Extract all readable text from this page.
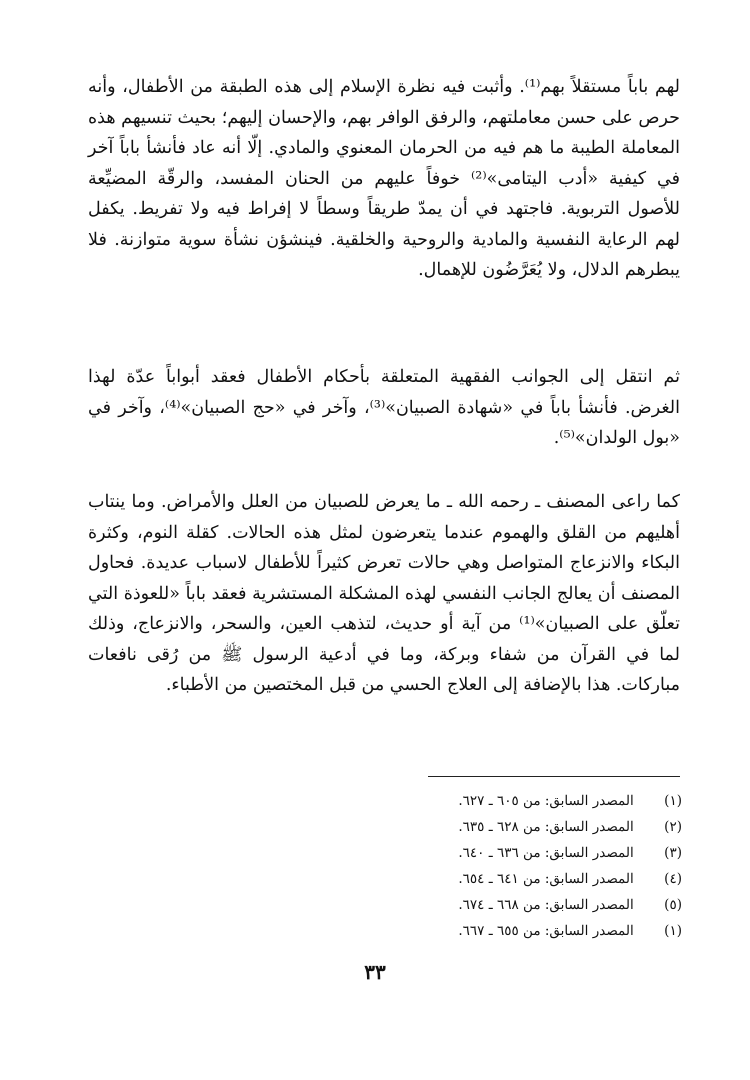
لهم باباً مستقلاً بهم⁽¹⁾. وأثبت فيه نظرة الإسلام إلى هذه الطبقة من الأطفال، وأنه حرص على حسن معاملتهم، والرفق الوافر بهم، والإحسان إليهم؛ بحيث تنسيهم هذه المعاملة الطيبة ما هم فيه من الحرمان المعنوي والمادي. إلّا أنه عاد فأنشأ باباً آخر في كيفية «أدب اليتامى»⁽²⁾ خوفاً عليهم من الحنان المفسد، والرقّة المضيِّعة للأصول التربوية. فاجتهد في أن يمدّ طريقاً وسطاً لا إفراط فيه ولا تفريط. يكفل لهم الرعاية النفسية والمادية والروحية والخلقية. فينشؤن نشأة سوية متوازنة. فلا يبطرهم الدلال، ولا يُعَرَّضُون للإهمال.

ثم انتقل إلى الجوانب الفقهية المتعلقة بأحكام الأطفال فعقد أبواباً عدّة لهذا الغرض. فأنشأ باباً في «شهادة الصبيان»⁽³⁾، وآخر في «حج الصبيان»⁽⁴⁾، وآخر في «بول الولدان»⁽⁵⁾.

كما راعى المصنف ـ رحمه الله ـ ما يعرض للصبيان من العلل والأمراض. وما ينتاب أهليهم من القلق والهموم عندما يتعرضون لمثل هذه الحالات. كقلة النوم، وكثرة البكاء والانزعاج المتواصل وهي حالات تعرض كثيراً للأطفال لاسباب عديدة. فحاول المصنف أن يعالج الجانب النفسي لهذه المشكلة المستشرية فعقد باباً «للعوذة التي تعلّق على الصبيان»⁽¹⁾ من آية أو حديث، لتذهب العين، والسحر، والانزعاج، وذلك لما في القرآن من شفاء وبركة، وما في أدعية الرسول ﷺ من رُقى نافعات مباركات. هذا بالإضافة إلى العلاج الحسي من قبل المختصين من الأطباء.

(١) المصدر السابق: من ٦٠٥ ـ ٦٢٧.
(٢) المصدر السابق: من ٦٢٨ ـ ٦٣٥.
(٣) المصدر السابق: من ٦٣٦ ـ ٦٤٠.
(٤) المصدر السابق: من ٦٤١ ـ ٦٥٤.
(٥) المصدر السابق: من ٦٦٨ ـ ٦٧٤.
(١) المصدر السابق: من ٦٥٥ ـ ٦٦٧.
٣٣
